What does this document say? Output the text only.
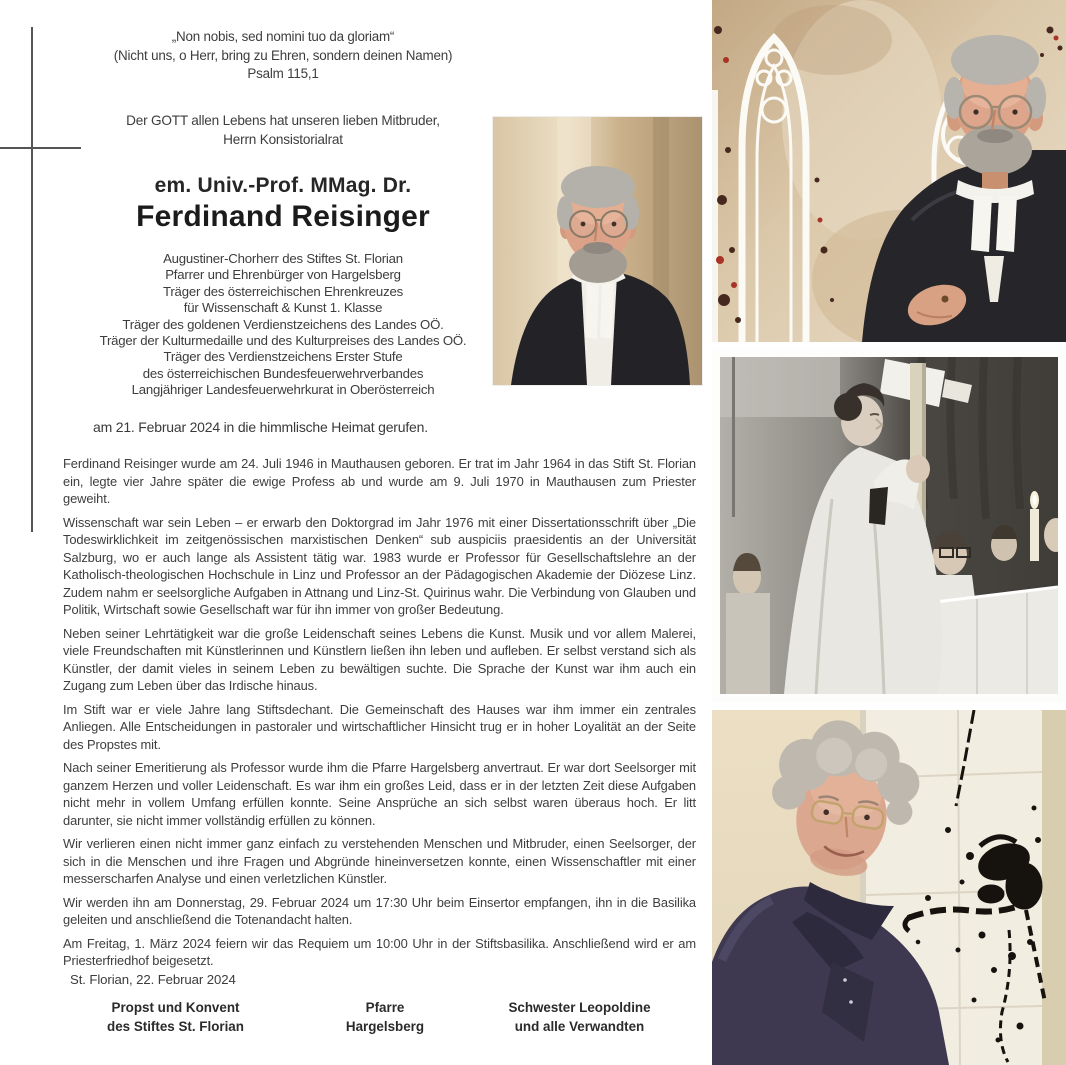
„Non nobis, sed nomini tuo da gloriam“
(Nicht uns, o Herr, bring zu Ehren, sondern deinen Namen)
Psalm 115,1
Der GOTT allen Lebens hat unseren lieben Mitbruder,
Herrn Konsistorialrat
em. Univ.-Prof. MMag. Dr.
Ferdinand Reisinger
Augustiner-Chorherr des Stiftes St. Florian
Pfarrer und Ehrenbürger von Hargelsberg
Träger des österreichischen Ehrenkreuzes
für Wissenschaft & Kunst 1. Klasse
Träger des goldenen Verdienstzeichens des Landes OÖ.
Träger der Kulturmedaille und des Kulturpreises des Landes OÖ.
Träger des Verdienstzeichens Erster Stufe
des österreichischen Bundesfeuerwehrverbandes
Langjähriger Landesfeuerwehrkurat in Oberösterreich
am 21. Februar 2024 in die himmlische Heimat gerufen.

Ferdinand Reisinger wurde am 24. Juli 1946 in Mauthausen geboren. Er trat im Jahr 1964 in das Stift St. Florian ein, legte vier Jahre später die ewige Profess ab und wurde am 9. Juli 1970 in Mauthausen zum Priester geweiht.

Wissenschaft war sein Leben – er erwarb den Doktorgrad im Jahr 1976 mit einer Dissertationsschrift über „Die Todeswirklichkeit im zeitgenössischen marxistischen Denken“ sub auspiciis praesidentis an der Universität Salzburg, wo er auch lange als Assistent tätig war. 1983 wurde er Professor für Gesellschaftslehre an der Katholisch-theologischen Hochschule in Linz und Professor an der Pädagogischen Akademie der Diözese Linz. Zudem nahm er seelsorgliche Aufgaben in Attnang und Linz-St. Quirinus wahr. Die Verbindung von Glauben und Politik, Wirtschaft sowie Gesellschaft war für ihn immer von großer Bedeutung.

Neben seiner Lehrtätigkeit war die große Leidenschaft seines Lebens die Kunst. Musik und vor allem Malerei, viele Freundschaften mit Künstlerinnen und Künstlern ließen ihn leben und aufleben. Er selbst verstand sich als Künstler, der damit vieles in seinem Leben zu bewältigen suchte. Die Sprache der Kunst war ihm auch ein Zugang zum Leben über das Irdische hinaus.

Im Stift war er viele Jahre lang Stiftsdechant. Die Gemeinschaft des Hauses war ihm immer ein zentrales Anliegen. Alle Entscheidungen in pastoraler und wirtschaftlicher Hinsicht trug er in hoher Loyalität an der Seite des Propstes mit.

Nach seiner Emeritierung als Professor wurde ihm die Pfarre Hargelsberg anvertraut. Er war dort Seelsorger mit ganzem Herzen und voller Leidenschaft. Es war ihm ein großes Leid, dass er in der letzten Zeit diese Aufgaben nicht mehr in vollem Umfang erfüllen konnte. Seine Ansprüche an sich selbst waren überaus hoch. Er litt darunter, sie nicht immer vollständig erfüllen zu können.

Wir verlieren einen nicht immer ganz einfach zu verstehenden Menschen und Mitbruder, einen Seelsorger, der sich in die Menschen und ihre Fragen und Abgründe hineinversetzen konnte, einen Wissenschaftler mit einer messerscharfen Analyse und einen verletzlichen Künstler.

Wir werden ihn am Donnerstag, 29. Februar 2024 um 17:30 Uhr beim Einsertor empfangen, ihn in die Basilika geleiten und anschließend die Totenandacht halten.

Am Freitag, 1. März 2024 feiern wir das Requiem um 10:00 Uhr in der Stiftsbasilika. Anschließend wird er am Priesterfriedhof beigesetzt.

St. Florian, 22. Februar 2024
Propst und Konvent
des Stiftes St. Florian
Pfarre
Hargelsberg
Schwester Leopoldine
und alle Verwandten
